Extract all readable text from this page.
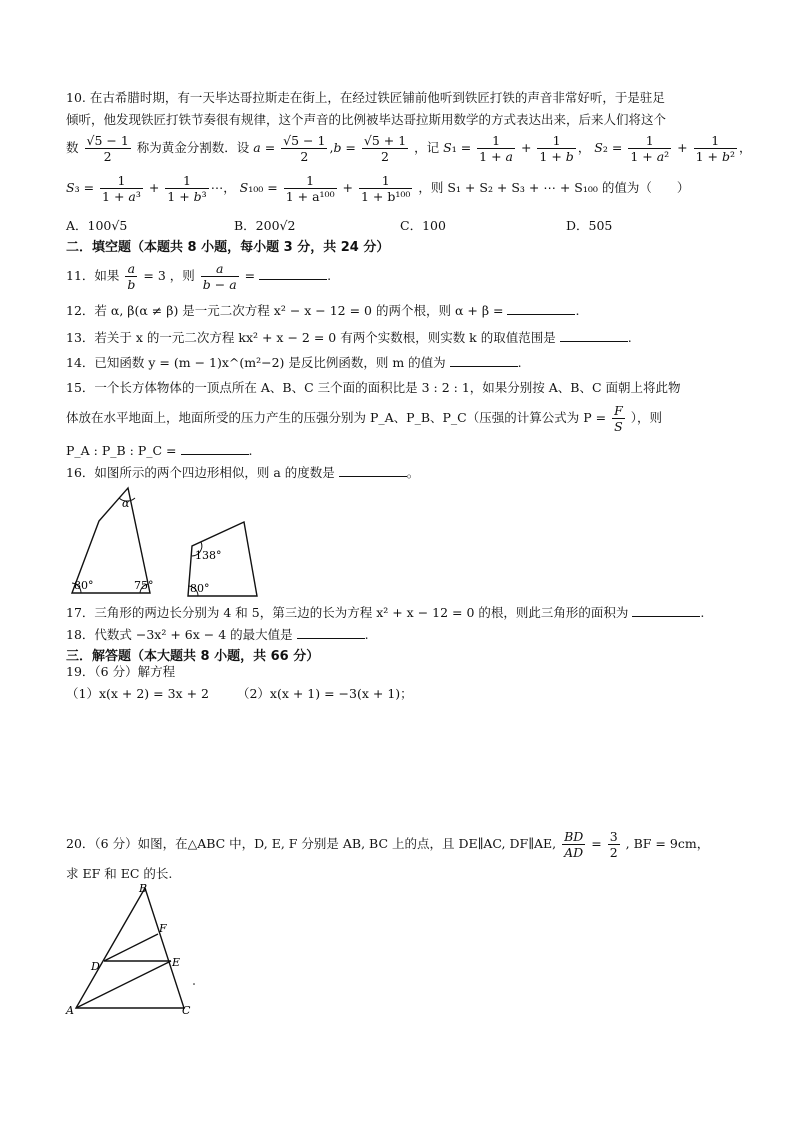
10. 在古希腊时期，有一天毕达哥拉斯走在街上，在经过铁匠铺前他听到铁匠打铁的声音非常好听，于是驻足
倾听，他发现铁匠打铁节奏很有规律，这个声音的比例被毕达哥拉斯用数学的方式表达出来，后来人们将这个
数 $\frac{√5 - 1}{2}$ 称为黄金分割数．设 $a = \frac{√5 - 1}{2} ,b = \frac{√5 + 1}{2}$ ，记 $S_1 = \frac{1}{1 + a} + \frac{1}{1 + b}$ ， $S_2 = \frac{1}{\text{1 + a²}} + \frac{1}{\text{1 + b²}}$ ，
$S_3 = \frac{1}{\text{1 + a³}} + \frac{1}{\text{1 + b³}}$ ⋯， $S_{100} = \frac{1}{\text{1 + a¹⁰⁰}} + \frac{1}{\text{1 + b¹⁰⁰}}$ ，则 S₁ + S₂ + S₃ + ⋯ + S₁₀₀ 的值为（　　）
A．100√5	B．200√2	C．100	D．505
二．填空题（本题共 8 小题，每小题 3 分，共 24 分）
11．如果 $\frac{a}{b} = 3$ ，则 $\frac{a}{b - a}$ =	.
12．若 α, β(α ≠ β) 是一元二次方程 x² − x − 12 = 0 的两个根，则 α + β =	.
13．若关于 x 的一元二次方程 kx² + x − 2 = 0 有两个实数根，则实数 k 的取值范围是	.
14．已知函数 y = (m − 1)x^(m²−2) 是反比例函数，则 m 的值为	.
15．一个长方体物体的一顶点所在 A、B、C 三个面的面积比是 3 : 2 : 1，如果分别按 A、B、C 面朝上将此物
体放在水平地面上，地面所受的压力产生的压强分别为 P_A、P_B、P_C（压强的计算公式为 $P = \frac{F}{S}$ ），则
P_A : P_B : P_C =	.
16．如图所示的两个四边形相似，则 a 的度数是	。
α
80°	75°
138°
80°
17．三角形的两边长分别为 4 和 5，第三边的长为方程 x² + x − 12 = 0 的根，则此三角形的面积为	.
18．代数式 −3x² + 6x − 4 的最大值是	.
三．解答题（本大题共 8 小题，共 66 分）
19．（6 分）解方程
（1）x(x + 2) = 3x + 2 （2）x(x + 1) = −3(x + 1)；
20．（6 分）如图，在△ABC 中，D, E, F 分别是 AB, BC 上的点，且 DE∥AC, DF∥AE, $\frac{BD}{AD} = \frac{3}{2}$ , BF = 9cm，
求 EF 和 EC 的长.
B
F
D	E
A	C
